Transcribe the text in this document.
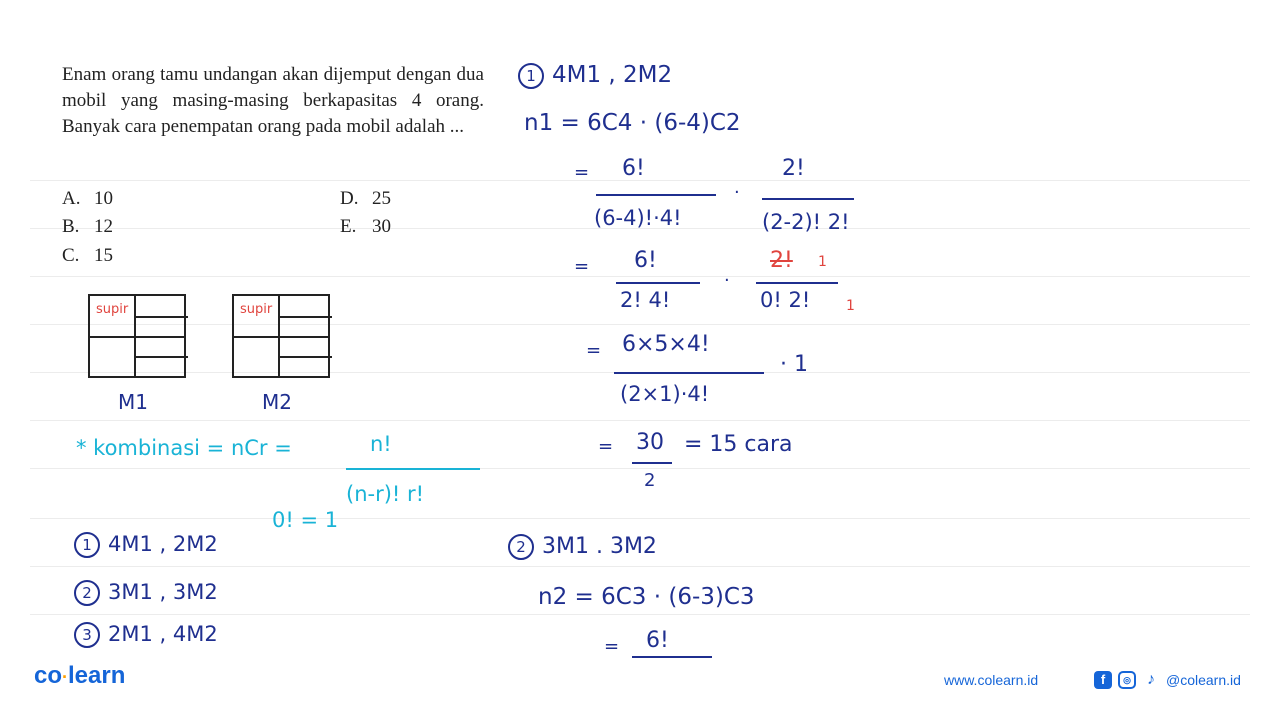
Enam orang tamu undangan akan dijemput dengan dua mobil yang masing-masing berkapasitas 4 orang. Banyak cara penempatan orang pada mobil adalah ...
A. 10
B. 12
C. 15
D. 25
E. 30
supir	supir
M1	M2
* kombinasi = nCr =	n!
(n-r)! r!
0! = 1
1 4M1 , 2M2
2 3M1 , 3M2
3 2M1 , 4M2
1 4M1 , 2M2
n1 = 6C4 · (6-4)C2
= 6!
(6-4)!·4!
·
2!
(2-2)! 2!
= 6!
2! 4!
·
2! 1
0! 2!	1
= 6×5×4!
(2×1)·4!
· 1
= 30
2
= 15 cara
2 3M1 . 3M2
n2 = 6C3 · (6-3)C3
= 6!
co·learn	www.colearn.id	f	◎	♪ @colearn.id
